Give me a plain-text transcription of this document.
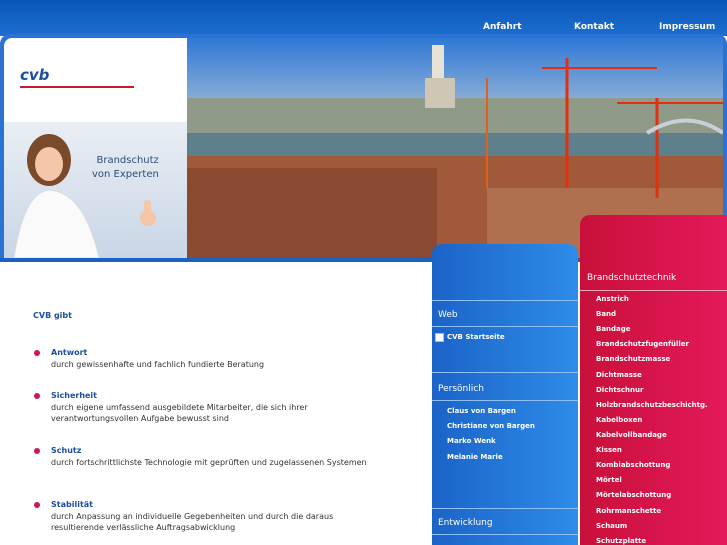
Anfahrt	Kontakt	Impressum
cvb
Brandschutz
von Experten
CVB gibt
Antwort
durch gewissenhafte und fachlich fundierte Beratung
Sicherheit
durch eigene umfassend ausgebildete Mitarbeiter, die sich ihrer verantwortungsvollen Aufgabe bewusst sind
Schutz
durch fortschrittlichste Technologie mit geprüften und zugelassenen Systemen
Stabilität
durch Anpassung an individuelle Gegebenheiten und durch die daraus resultierende verlässliche Auftragsabwicklung
Web
CVB Startseite
Persönlich
Claus von Bargen
Christiane von Bargen
Marko Wenk
Melanie Marie
Entwicklung
Brandschutztechnik
Anstrich
Band
Bandage
Brandschutzfugenfüller
Brandschutzmasse
Dichtmasse
Dichtschnur
Holzbrandschutzbeschichtg.
Kabelboxen
Kabelvollbandage
Kissen
Kombiabschottung
Mörtel
Mörtelabschottung
Rohrmanschette
Schaum
Schutzplatte
